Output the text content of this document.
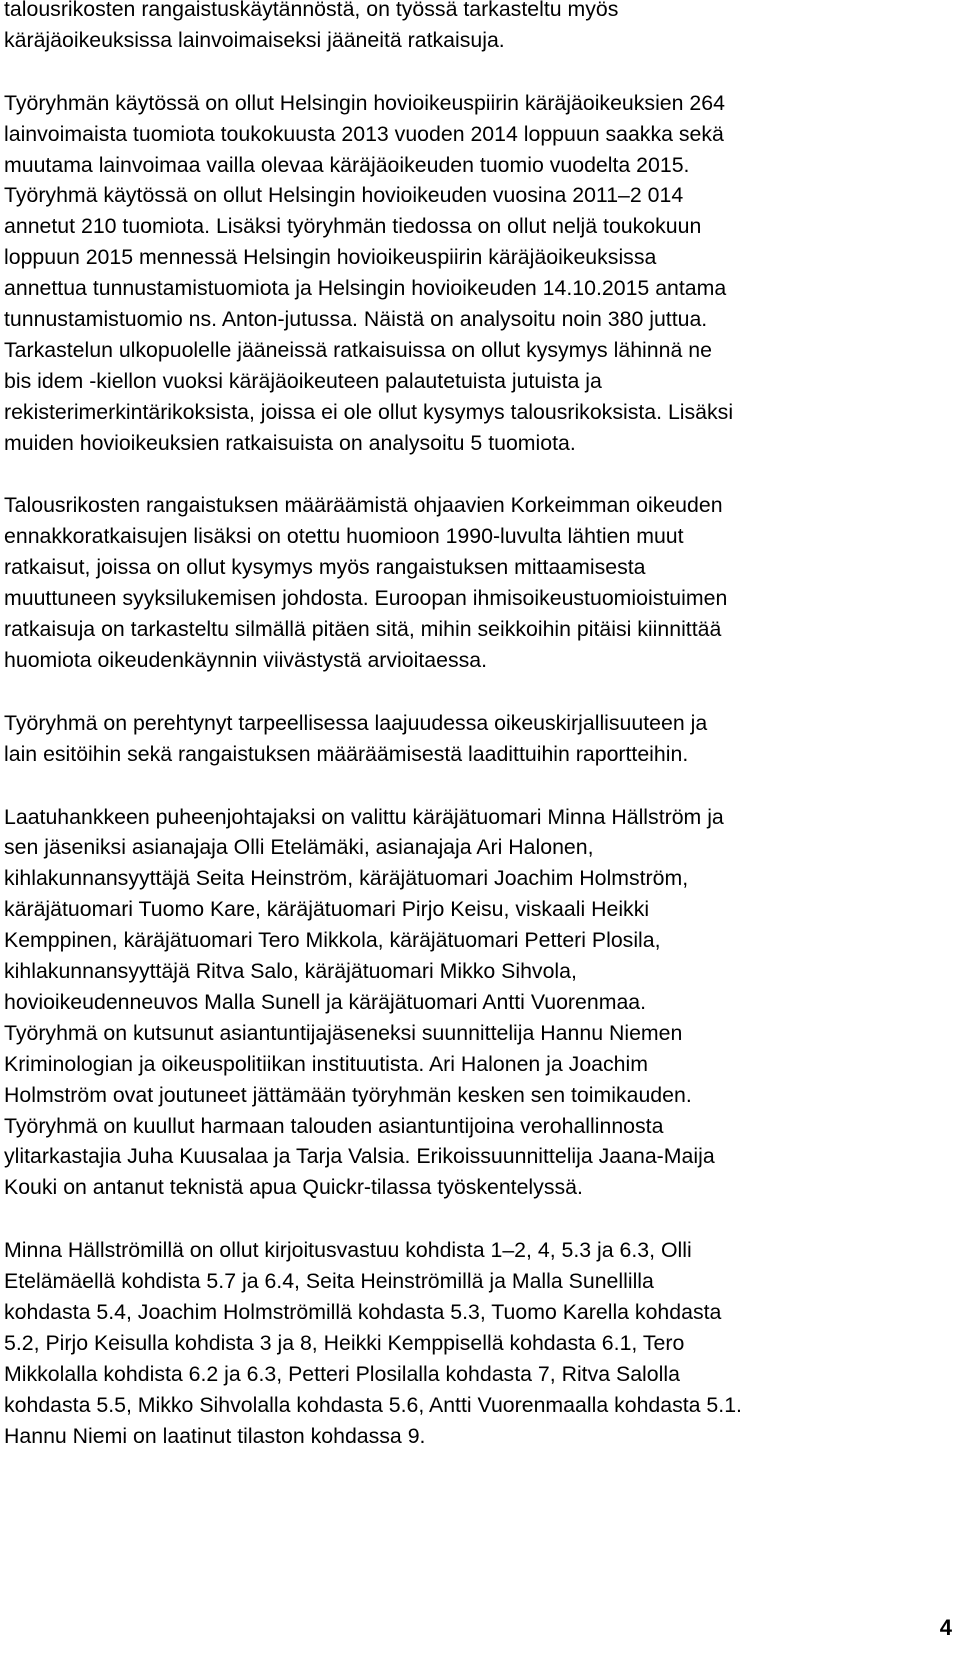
talousrikosten rangaistuskäytännöstä, on työssä tarkasteltu myös
käräjäoikeuksissa lainvoimaiseksi jääneitä ratkaisuja.

Työryhmän käytössä on ollut Helsingin hovioikeuspiirin käräjäoikeuksien 264
lainvoimaista tuomiota toukokuusta 2013 vuoden 2014 loppuun saakka sekä
muutama lainvoimaa vailla olevaa käräjäoikeuden tuomio vuodelta 2015.
Työryhmä käytössä on ollut Helsingin hovioikeuden vuosina 2011–2 014
annetut 210 tuomiota. Lisäksi työryhmän tiedossa on ollut neljä toukokuun
loppuun 2015 mennessä Helsingin hovioikeuspiirin käräjäoikeuksissa
annettua tunnustamistuomiota ja Helsingin hovioikeuden 14.10.2015 antama
tunnustamistuomio ns. Anton-jutussa. Näistä on analysoitu noin 380 juttua.
Tarkastelun ulkopuolelle jääneissä ratkaisuissa on ollut kysymys lähinnä ne
bis idem -kiellon vuoksi käräjäoikeuteen palautetuista jutuista ja
rekisterimerkintärikoksista, joissa ei ole ollut kysymys talousrikoksista. Lisäksi
muiden hovioikeuksien ratkaisuista on analysoitu 5 tuomiota.

Talousrikosten rangaistuksen määräämistä ohjaavien Korkeimman oikeuden
ennakkoratkaisujen lisäksi on otettu huomioon 1990-luvulta lähtien muut
ratkaisut, joissa on ollut kysymys myös rangaistuksen mittaamisesta
muuttuneen syyksilukemisen johdosta. Euroopan ihmisoikeustuomioistuimen
ratkaisuja on tarkasteltu silmällä pitäen sitä, mihin seikkoihin pitäisi kiinnittää
huomiota oikeudenkäynnin viivästystä arvioitaessa.

Työryhmä on perehtynyt tarpeellisessa laajuudessa oikeuskirjallisuuteen ja
lain esitöihin sekä rangaistuksen määräämisestä laadittuihin raportteihin.

Laatuhankkeen puheenjohtajaksi on valittu käräjätuomari Minna Hällström ja
sen jäseniksi asianajaja Olli Etelämäki, asianajaja Ari Halonen,
kihlakunnansyyttäjä Seita Heinström, käräjätuomari Joachim Holmström,
käräjätuomari Tuomo Kare, käräjätuomari Pirjo Keisu, viskaali Heikki
Kemppinen, käräjätuomari Tero Mikkola, käräjätuomari Petteri Plosila,
kihlakunnansyyttäjä Ritva Salo, käräjätuomari Mikko Sihvola,
hovioikeudenneuvos Malla Sunell ja käräjätuomari Antti Vuorenmaa.
Työryhmä on kutsunut asiantuntijajäseneksi suunnittelija Hannu Niemen
Kriminologian ja oikeuspolitiikan instituutista. Ari Halonen ja Joachim
Holmström ovat joutuneet jättämään työryhmän kesken sen toimikauden.
Työryhmä on kuullut harmaan talouden asiantuntijoina verohallinnosta
ylitarkastajia Juha Kuusalaa ja Tarja Valsia. Erikoissuunnittelija Jaana-Maija
Kouki on antanut teknistä apua Quickr-tilassa työskentelyssä.

Minna Hällströmillä on ollut kirjoitusvastuu kohdista 1–2, 4, 5.3 ja 6.3, Olli
Etelämäellä kohdista 5.7 ja 6.4, Seita Heinströmillä ja Malla Sunellilla
kohdasta 5.4, Joachim Holmströmillä kohdasta 5.3, Tuomo Karella kohdasta
5.2, Pirjo Keisulla kohdista 3 ja 8, Heikki Kemppisellä kohdasta 6.1, Tero
Mikkolalla kohdista 6.2 ja 6.3, Petteri Plosilalla kohdasta 7, Ritva Salolla
kohdasta 5.5, Mikko Sihvolalla kohdasta 5.6, Antti Vuorenmaalla kohdasta 5.1.
Hannu Niemi on laatinut tilaston kohdassa 9.

4
